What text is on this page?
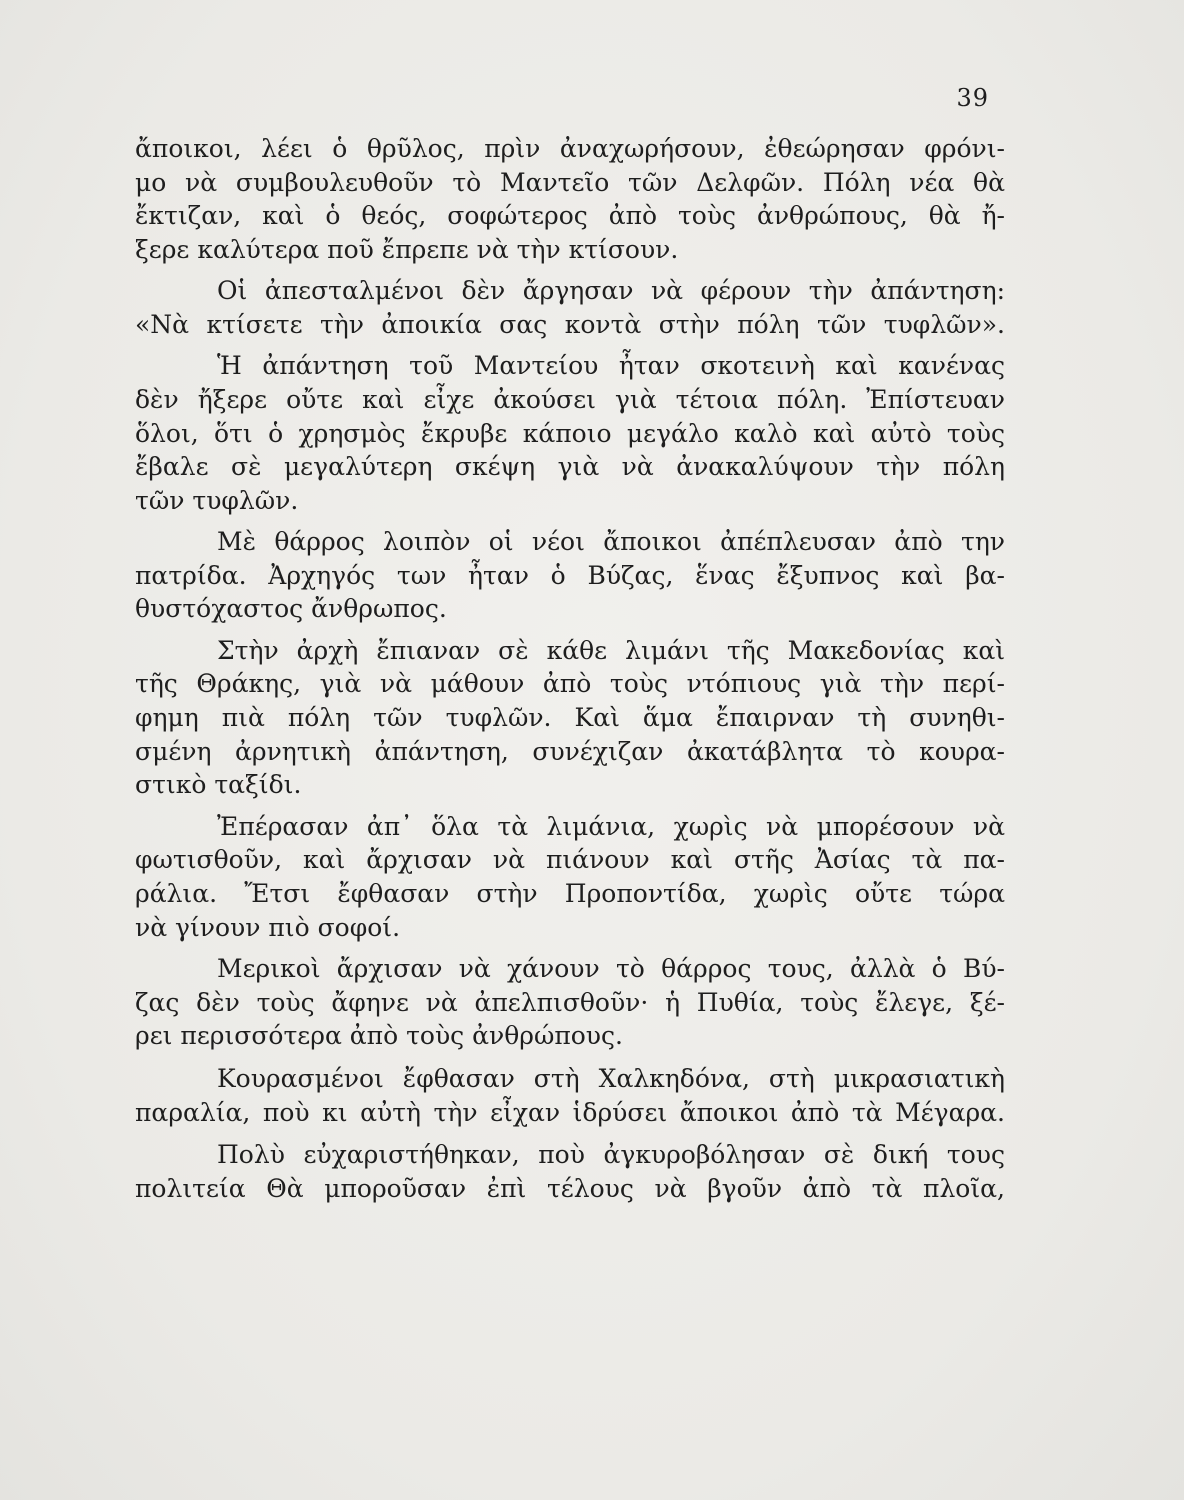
39
ἄποικοι, λέει ὁ θρῦλος, πρὶν ἀναχωρήσουν, ἐθεώρησαν φρόνι-
μο νὰ συμβουλευθοῦν τὸ Μαντεῖο τῶν Δελφῶν. Πόλη νέα θὰ
ἔκτιζαν, καὶ ὁ θεός, σοφώτερος ἀπὸ τοὺς ἀνθρώπους, θὰ ἤ-
ξερε καλύτερα ποῦ ἔπρεπε νὰ τὴν κτίσουν.
Οἱ ἀπεσταλμένοι δὲν ἄργησαν νὰ φέρουν τὴν ἀπάντηση:
«Νὰ κτίσετε τὴν ἀποικία σας κοντὰ στὴν πόλη τῶν τυφλῶν».
Ἡ ἀπάντηση τοῦ Μαντείου ἦταν σκοτεινὴ καὶ κανένας
δὲν ἤξερε οὔτε καὶ εἶχε ἀκούσει γιὰ τέτοια πόλη. Ἐπίστευαν
ὅλοι, ὅτι ὁ χρησμὸς ἔκρυβε κάποιο μεγάλο καλὸ καὶ αὐτὸ τοὺς
ἔβαλε σὲ μεγαλύτερη σκέψη γιὰ νὰ ἀνακαλύψουν τὴν πόλη
τῶν τυφλῶν.
Μὲ θάρρος λοιπὸν οἱ νέοι ἄποικοι ἀπέπλευσαν ἀπὸ την
πατρίδα. Ἀρχηγός των ἦταν ὁ Βύζας, ἕνας ἔξυπνος καὶ βα-
θυστόχαστος ἄνθρωπος.
Στὴν ἀρχὴ ἔπιαναν σὲ κάθε λιμάνι τῆς Μακεδονίας καὶ
τῆς Θράκης, γιὰ νὰ μάθουν ἀπὸ τοὺς ντόπιους γιὰ τὴν περί-
φημη πιὰ πόλη τῶν τυφλῶν. Καὶ ἅμα ἔπαιρναν τὴ συνηθι-
σμένη ἀρνητικὴ ἀπάντηση, συνέχιζαν ἀκατάβλητα τὸ κουρα-
στικὸ ταξίδι.
Ἐπέρασαν ἀπ᾽ ὅλα τὰ λιμάνια, χωρὶς νὰ μπορέσουν νὰ
φωτισθοῦν, καὶ ἄρχισαν νὰ πιάνουν καὶ στῆς Ἀσίας τὰ πα-
ράλια. Ἔτσι ἔφθασαν στὴν Προποντίδα, χωρὶς οὔτε τώρα
νὰ γίνουν πιὸ σοφοί.
Μερικοὶ ἄρχισαν νὰ χάνουν τὸ θάρρος τους, ἀλλὰ ὁ Βύ-
ζας δὲν τοὺς ἄφηνε νὰ ἀπελπισθοῦν· ἡ Πυθία, τοὺς ἔλεγε, ξέ-
ρει περισσότερα ἀπὸ τοὺς ἀνθρώπους.
Κουρασμένοι ἔφθασαν στὴ Χαλκηδόνα, στὴ μικρασιατικὴ
παραλία, ποὺ κι αὐτὴ τὴν εἶχαν ἱδρύσει ἄποικοι ἀπὸ τὰ Μέγαρα.
Πολὺ εὐχαριστήθηκαν, ποὺ ἀγκυροβόλησαν σὲ δική τους
πολιτεία Θὰ μποροῦσαν ἐπὶ τέλους νὰ βγοῦν ἀπὸ τὰ πλοῖα,
